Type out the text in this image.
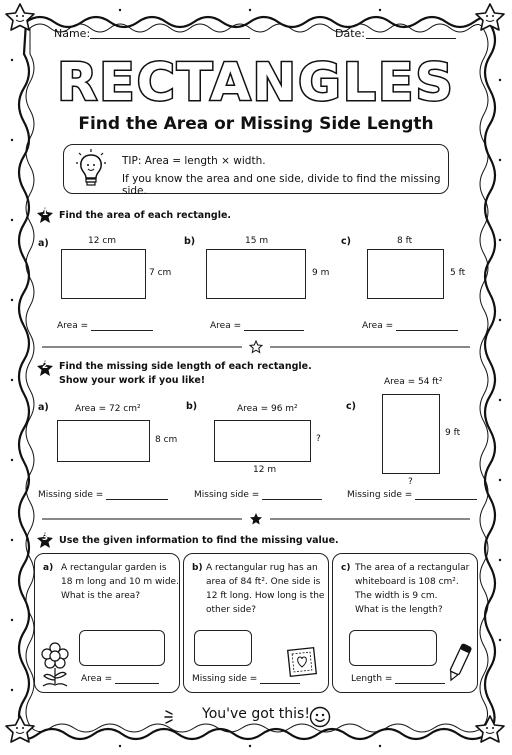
Name:	Date:
RECTANGLES
Find the Area or Missing Side Length
TIP: Area = length × width.
If you know the area and one side, divide to find the missing side.
1	Find the area of each rectangle.
a)	12 cm
7 cm
Area =
b)	15 m
9 m
Area =
c)	8 ft
5 ft
Area =
2	Find the missing side length of each rectangle.
Show your work if you like!
a)	Area = 72 cm²
8 cm
Missing side =
b)	Area = 96 m²
?
12 m
Missing side =
Area = 54 ft²
c)
9 ft
?
Missing side =
3	Use the given information to find the missing value.
a) A rectangular garden is
18 m long and 10 m wide.
What is the area?
Area =
b) A rectangular rug has an
area of 84 ft². One side is
12 ft long. How long is the
other side?
Missing side =
c) The area of a rectangular
whiteboard is 108 cm².
The width is 9 cm.
What is the length?
Length =
You've got this!
